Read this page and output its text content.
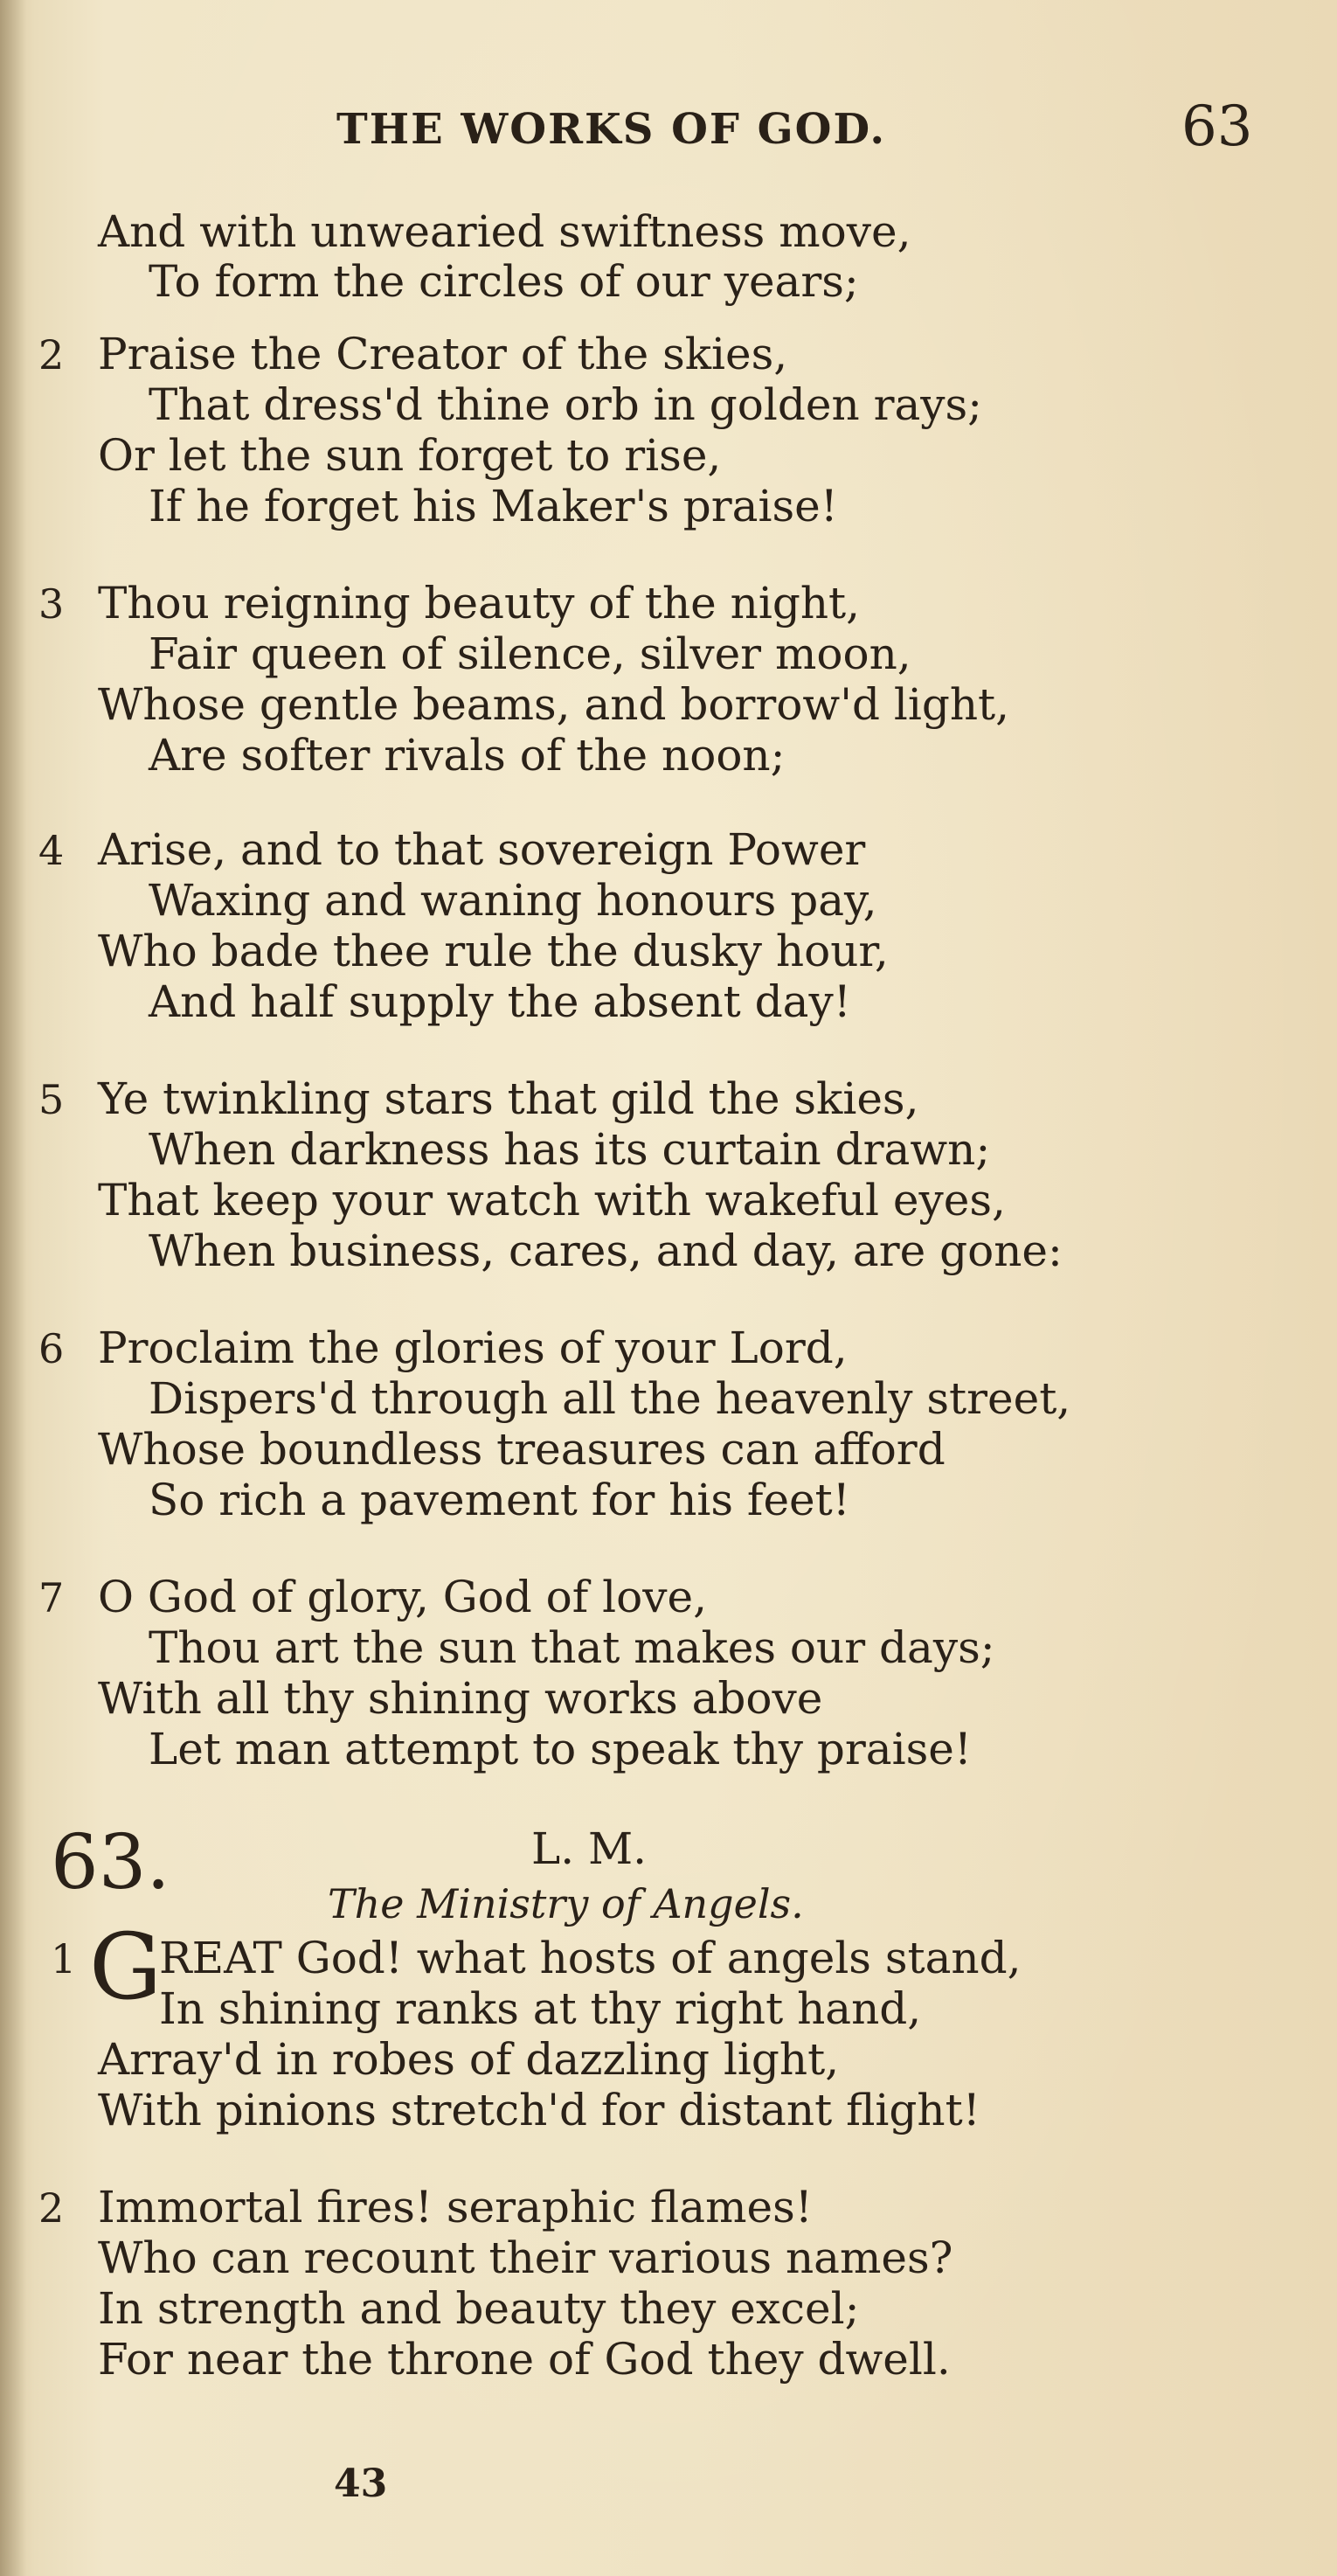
THE WORKS OF GOD.	63
And with unwearied swiftness move,
To form the circles of our years;
2 Praise the Creator of the skies,
That dress'd thine orb in golden rays;
Or let the sun forget to rise,
If he forget his Maker's praise!
3 Thou reigning beauty of the night,
Fair queen of silence, silver moon,
Whose gentle beams, and borrow'd light,
Are softer rivals of the noon;
4 Arise, and to that sovereign Power
Waxing and waning honours pay,
Who bade thee rule the dusky hour,
And half supply the absent day!
5 Ye twinkling stars that gild the skies,
When darkness has its curtain drawn;
That keep your watch with wakeful eyes,
When business, cares, and day, are gone:
6 Proclaim the glories of your Lord,
Dispers'd through all the heavenly street,
Whose boundless treasures can afford
So rich a pavement for his feet!
7 O God of glory, God of love,
Thou art the sun that makes our days;
With all thy shining works above
Let man attempt to speak thy praise!
63.	L. M.
The Ministry of Angels.
1 G
REAT God! what hosts of angels stand,
In shining ranks at thy right hand,
Array'd in robes of dazzling light,
With pinions stretch'd for distant flight!
2 Immortal fires! seraphic flames!
Who can recount their various names?
In strength and beauty they excel;
For near the throne of God they dwell.
43
